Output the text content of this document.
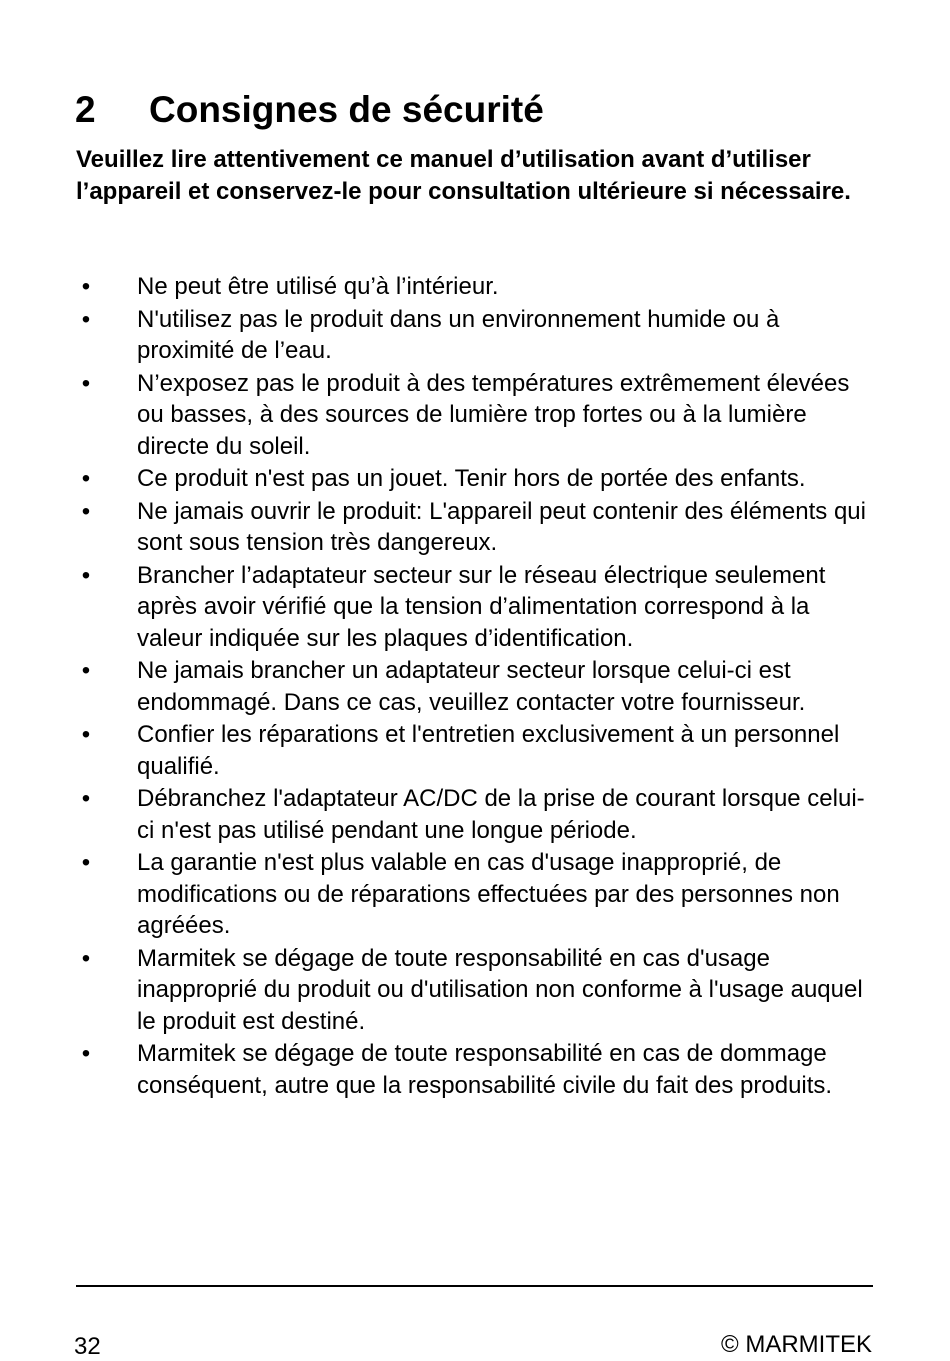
2 Consignes de sécurité

Veuillez lire attentivement ce manuel d’utilisation avant d’utiliser l’appareil et conservez-le pour consultation ultérieure si nécessaire.

• Ne peut être utilisé qu’à l’intérieur.
• N'utilisez pas le produit dans un environnement humide ou à proximité de l’eau.
• N’exposez pas le produit à des températures extrêmement élevées ou basses, à des sources de lumière trop fortes ou à la lumière directe du soleil.
• Ce produit n'est pas un jouet. Tenir hors de portée des enfants.
• Ne jamais ouvrir le produit: L'appareil peut contenir des éléments qui sont sous tension très dangereux.
• Brancher l’adaptateur secteur sur le réseau électrique seulement après avoir vérifié que la tension d’alimentation correspond à la valeur indiquée sur les plaques d’identification.
• Ne jamais brancher un adaptateur secteur lorsque celui-ci est endommagé. Dans ce cas, veuillez contacter votre fournisseur.
• Confier les réparations et l'entretien exclusivement à un personnel qualifié.
• Débranchez l'adaptateur AC/DC de la prise de courant lorsque celui-ci n'est pas utilisé pendant une longue période.
• La garantie n'est plus valable en cas d'usage inapproprié, de modifications ou de réparations effectuées par des personnes non agréées.
• Marmitek se dégage de toute responsabilité en cas d'usage inapproprié du produit ou d'utilisation non conforme à l'usage auquel le produit est destiné.
• Marmitek se dégage de toute responsabilité en cas de dommage conséquent, autre que la responsabilité civile du fait des produits.
32	© MARMITEK
